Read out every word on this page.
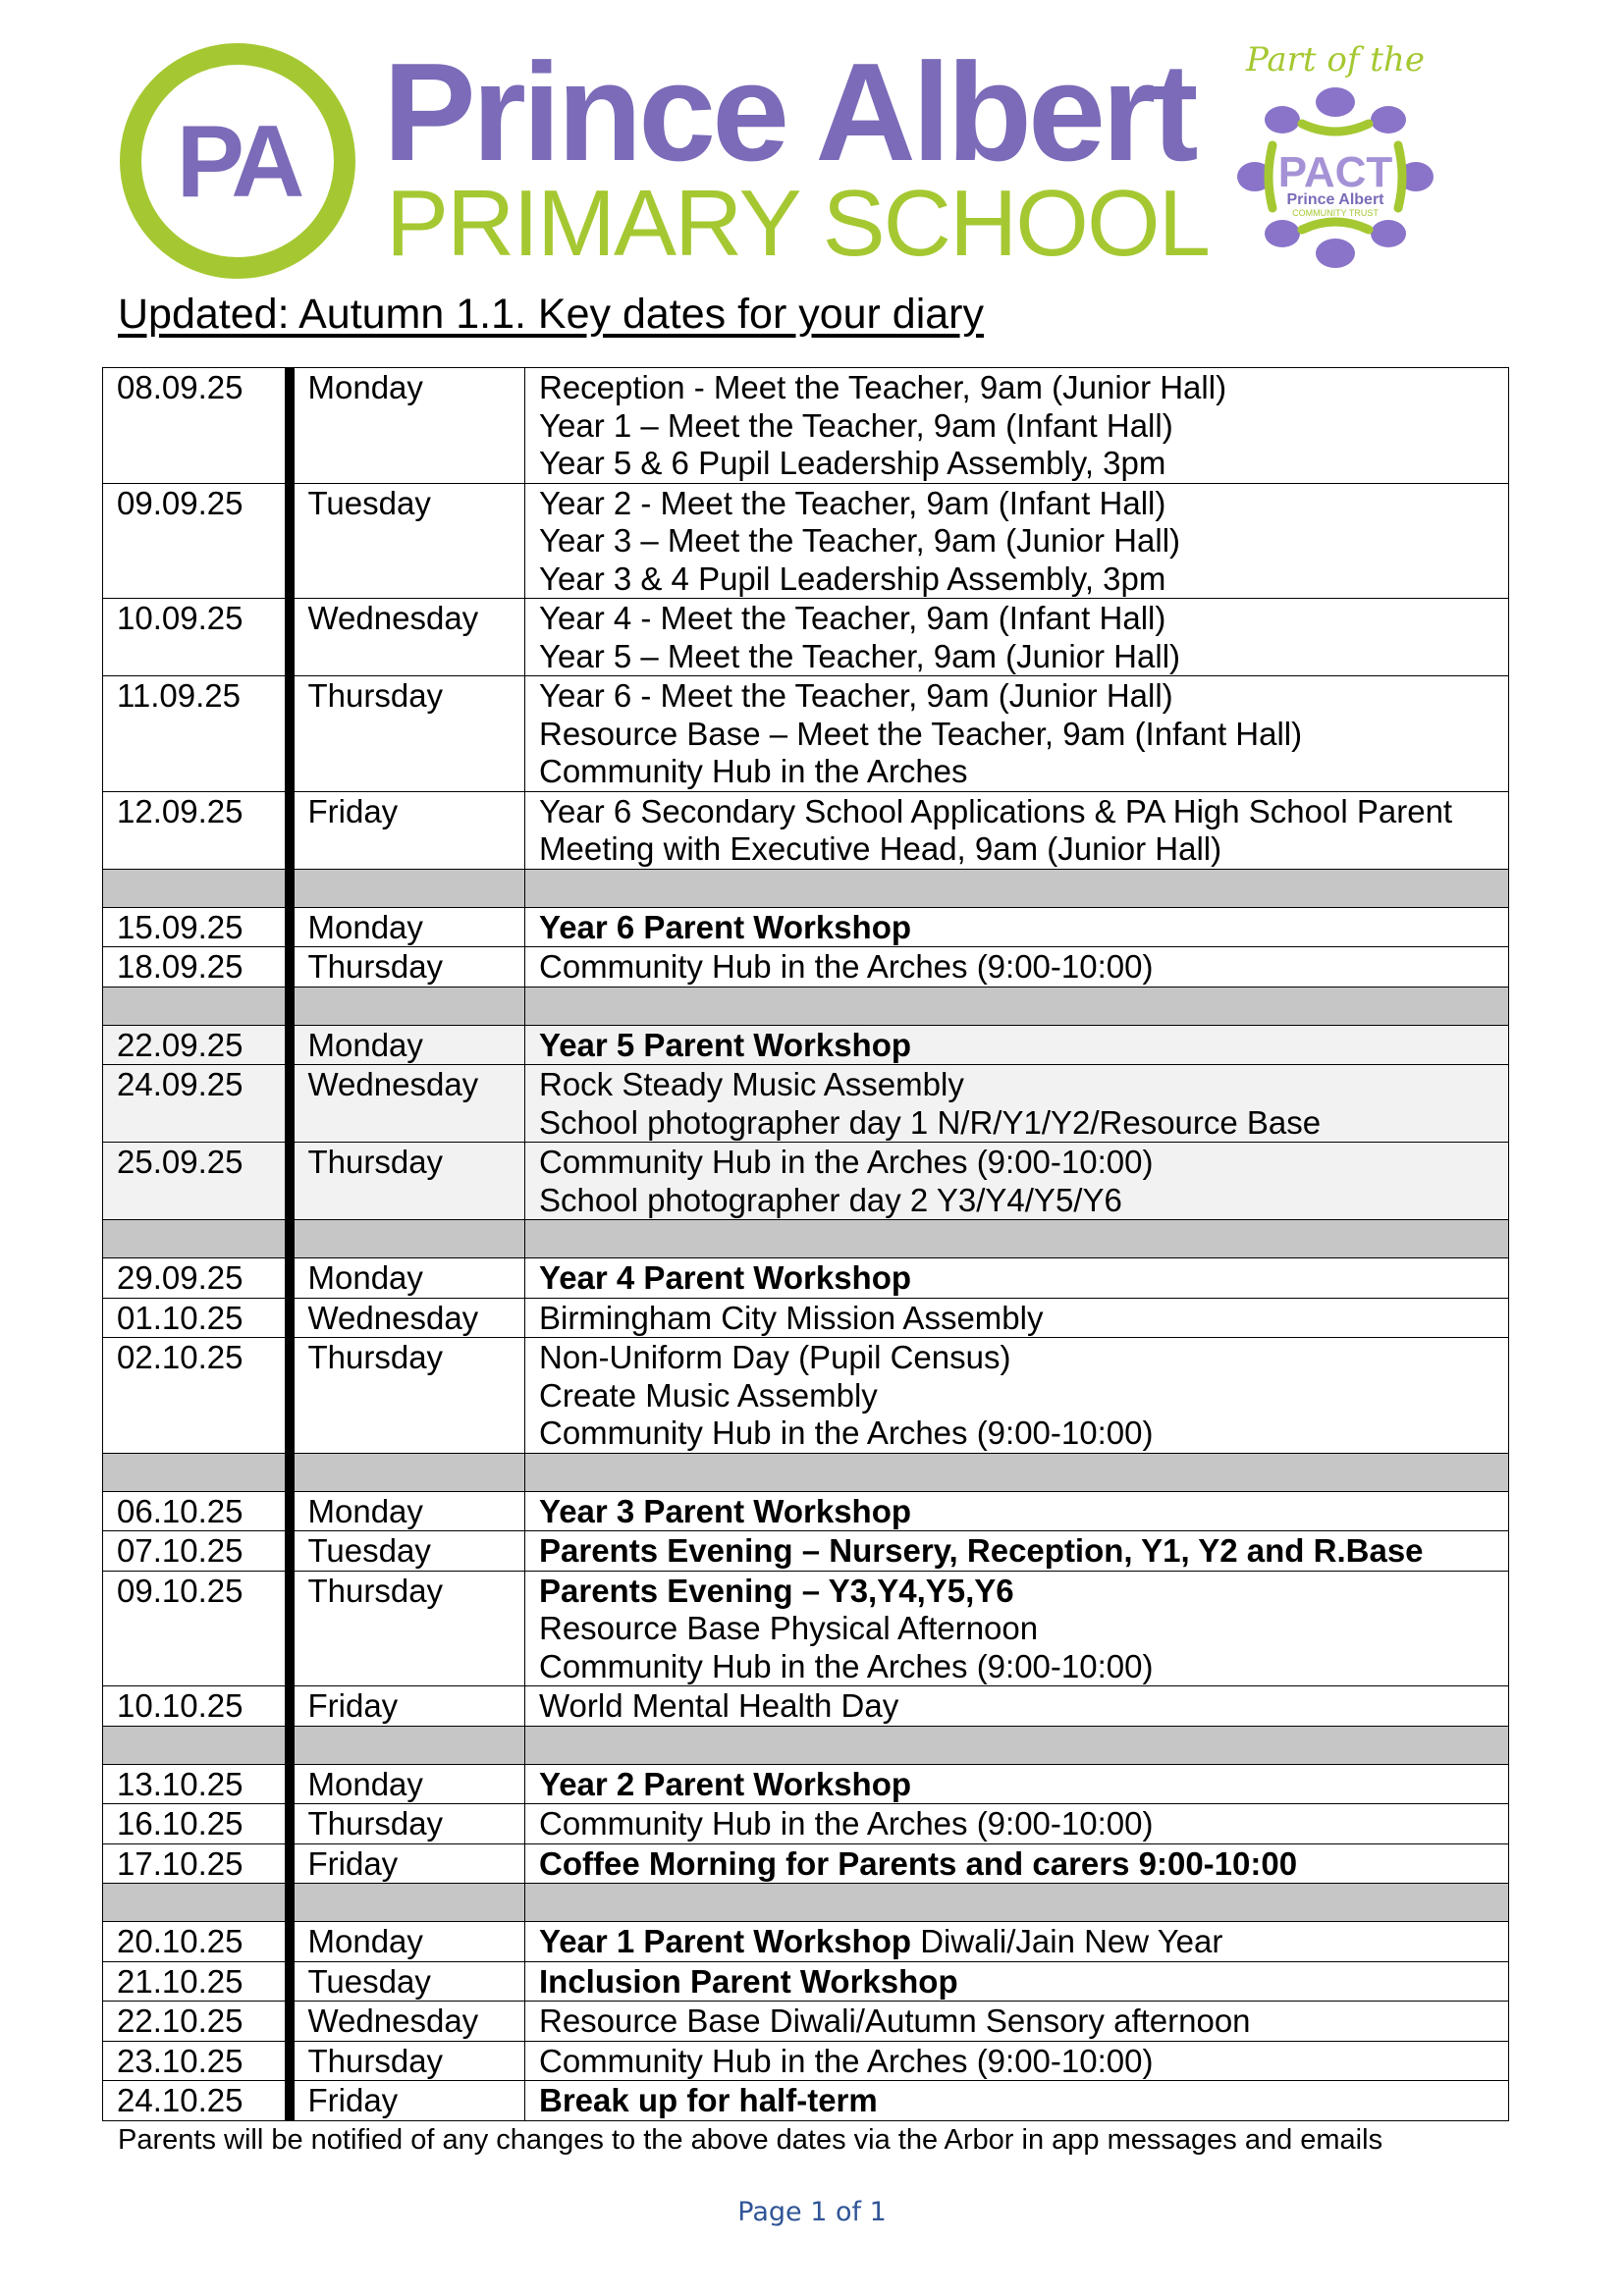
PA Prince Albert
PRIMARY SCHOOL
Part of the
PACT
Prince Albert
COMMUNITY TRUST
Updated: Autumn 1.1. Key dates for your diary
08.09.25	Monday	Reception - Meet the Teacher, 9am (Junior Hall)
Year 1 – Meet the Teacher, 9am (Infant Hall)
Year 5 & 6 Pupil Leadership Assembly, 3pm

09.09.25	Tuesday	Year 2 - Meet the Teacher, 9am (Infant Hall)
Year 3 – Meet the Teacher, 9am (Junior Hall)
Year 3 & 4 Pupil Leadership Assembly, 3pm

10.09.25	Wednesday	Year 4 - Meet the Teacher, 9am (Infant Hall)
Year 5 – Meet the Teacher, 9am (Junior Hall)

11.09.25	Thursday	Year 6 - Meet the Teacher, 9am (Junior Hall)
Resource Base – Meet the Teacher, 9am (Infant Hall)
Community Hub in the Arches

12.09.25	Friday	Year 6 Secondary School Applications & PA High School Parent Meeting with Executive Head, 9am (Junior Hall)

15.09.25	Monday	Year 6 Parent Workshop

18.09.25	Thursday	Community Hub in the Arches (9:00-10:00)

22.09.25	Monday	Year 5 Parent Workshop

24.09.25	Wednesday	Rock Steady Music Assembly
School photographer day 1 N/R/Y1/Y2/Resource Base

25.09.25	Thursday	Community Hub in the Arches (9:00-10:00)
School photographer day 2 Y3/Y4/Y5/Y6

29.09.25	Monday	Year 4 Parent Workshop

01.10.25	Wednesday	Birmingham City Mission Assembly

02.10.25	Thursday	Non-Uniform Day (Pupil Census)
Create Music Assembly
Community Hub in the Arches (9:00-10:00)

06.10.25	Monday	Year 3 Parent Workshop

07.10.25	Tuesday	Parents Evening – Nursery, Reception, Y1, Y2 and R.Base

09.10.25	Thursday	Parents Evening – Y3,Y4,Y5,Y6
Resource Base Physical Afternoon
Community Hub in the Arches (9:00-10:00)

10.10.25	Friday	World Mental Health Day

13.10.25	Monday	Year 2 Parent Workshop

16.10.25	Thursday	Community Hub in the Arches (9:00-10:00)

17.10.25	Friday	Coffee Morning for Parents and carers 9:00-10:00

20.10.25	Monday	Year 1 Parent Workshop Diwali/Jain New Year

21.10.25	Tuesday	Inclusion Parent Workshop

22.10.25	Wednesday	Resource Base Diwali/Autumn Sensory afternoon

23.10.25	Thursday	Community Hub in the Arches (9:00-10:00)

24.10.25	Friday	Break up for half-term
Parents will be notified of any changes to the above dates via the Arbor in app messages and emails
Page 1 of 1
